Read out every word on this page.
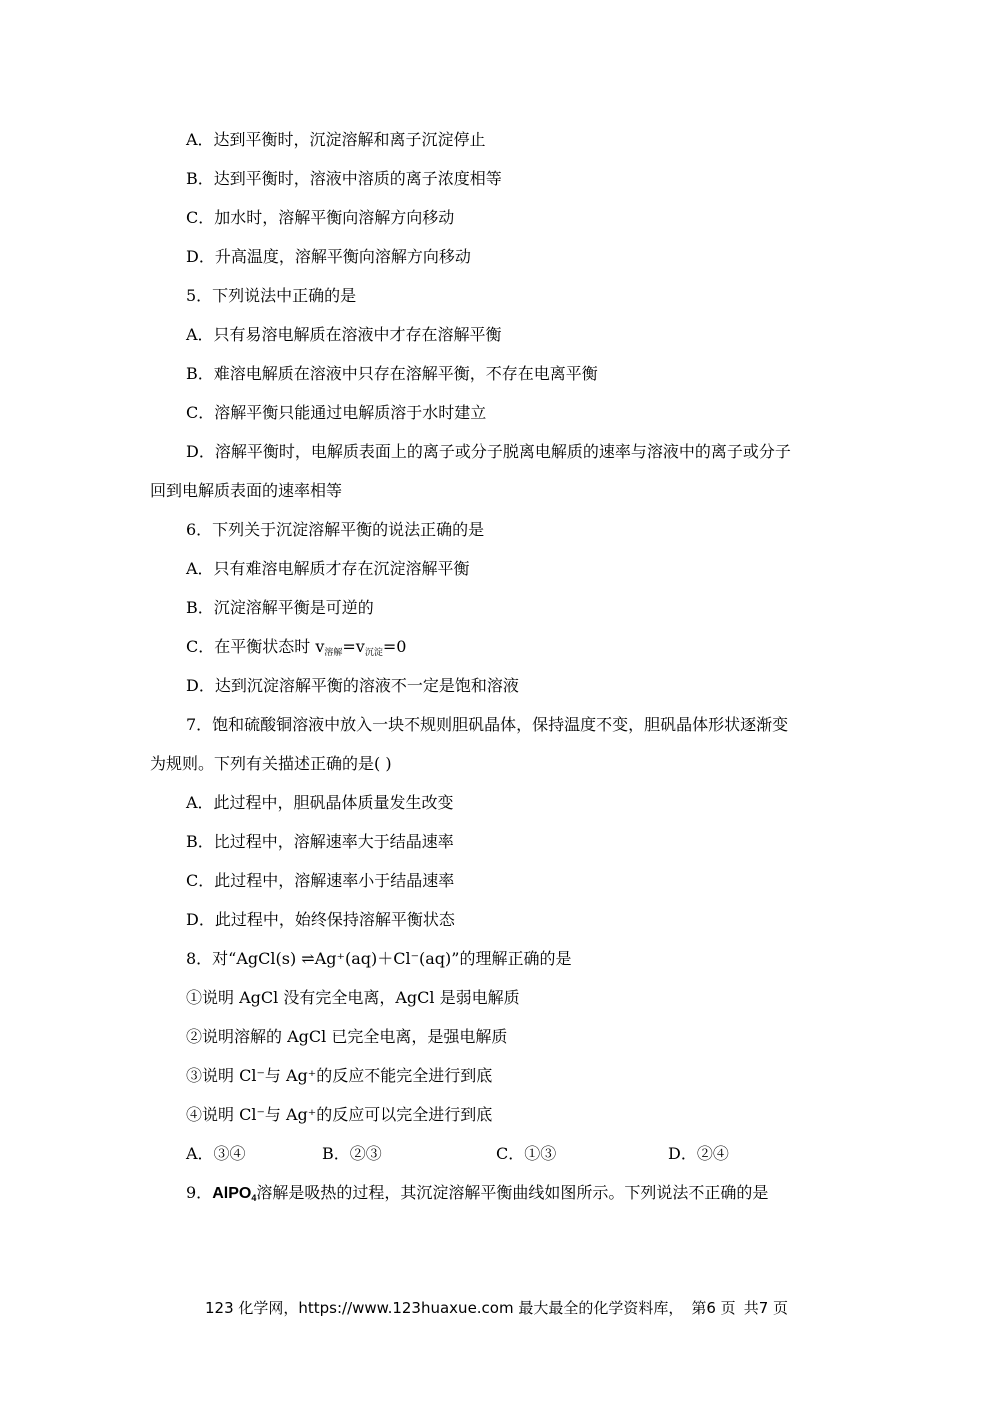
A．达到平衡时，沉淀溶解和离子沉淀停止
B．达到平衡时，溶液中溶质的离子浓度相等
C．加水时，溶解平衡向溶解方向移动
D．升高温度，溶解平衡向溶解方向移动
5．下列说法中正确的是
A．只有易溶电解质在溶液中才存在溶解平衡
B．难溶电解质在溶液中只存在溶解平衡，不存在电离平衡
C．溶解平衡只能通过电解质溶于水时建立
D．溶解平衡时，电解质表面上的离子或分子脱离电解质的速率与溶液中的离子或分子
回到电解质表面的速率相等
6．下列关于沉淀溶解平衡的说法正确的是
A．只有难溶电解质才存在沉淀溶解平衡
B．沉淀溶解平衡是可逆的
C．在平衡状态时 $v_{溶解}=v_{沉淀}=0$
D．达到沉淀溶解平衡的溶液不一定是饱和溶液
7．饱和硫酸铜溶液中放入一块不规则胆矾晶体，保持温度不变，胆矾晶体形状逐渐变
为规则。下列有关描述正确的是( )
A．此过程中，胆矾晶体质量发生改变
B．比过程中，溶解速率大于结晶速率
C．此过程中，溶解速率小于结晶速率
D．此过程中，始终保持溶解平衡状态
8．对“AgCl(s) ⇌Ag⁺(aq)＋Cl⁻(aq)”的理解正确的是
①说明 AgCl 没有完全电离，AgCl 是弱电解质
②说明溶解的 AgCl 已完全电离，是强电解质
③说明 Cl⁻与 Ag⁺的反应不能完全进行到底
④说明 Cl⁻与 Ag⁺的反应可以完全进行到底
A．③④	B．②③	C．①③	D．②④
9．AlPO$_4$溶解是吸热的过程，其沉淀溶解平衡曲线如图所示。下列说法不正确的是
123 化学网，https://www.123huaxue.com 最大最全的化学资料库， 第6 页 共7 页
